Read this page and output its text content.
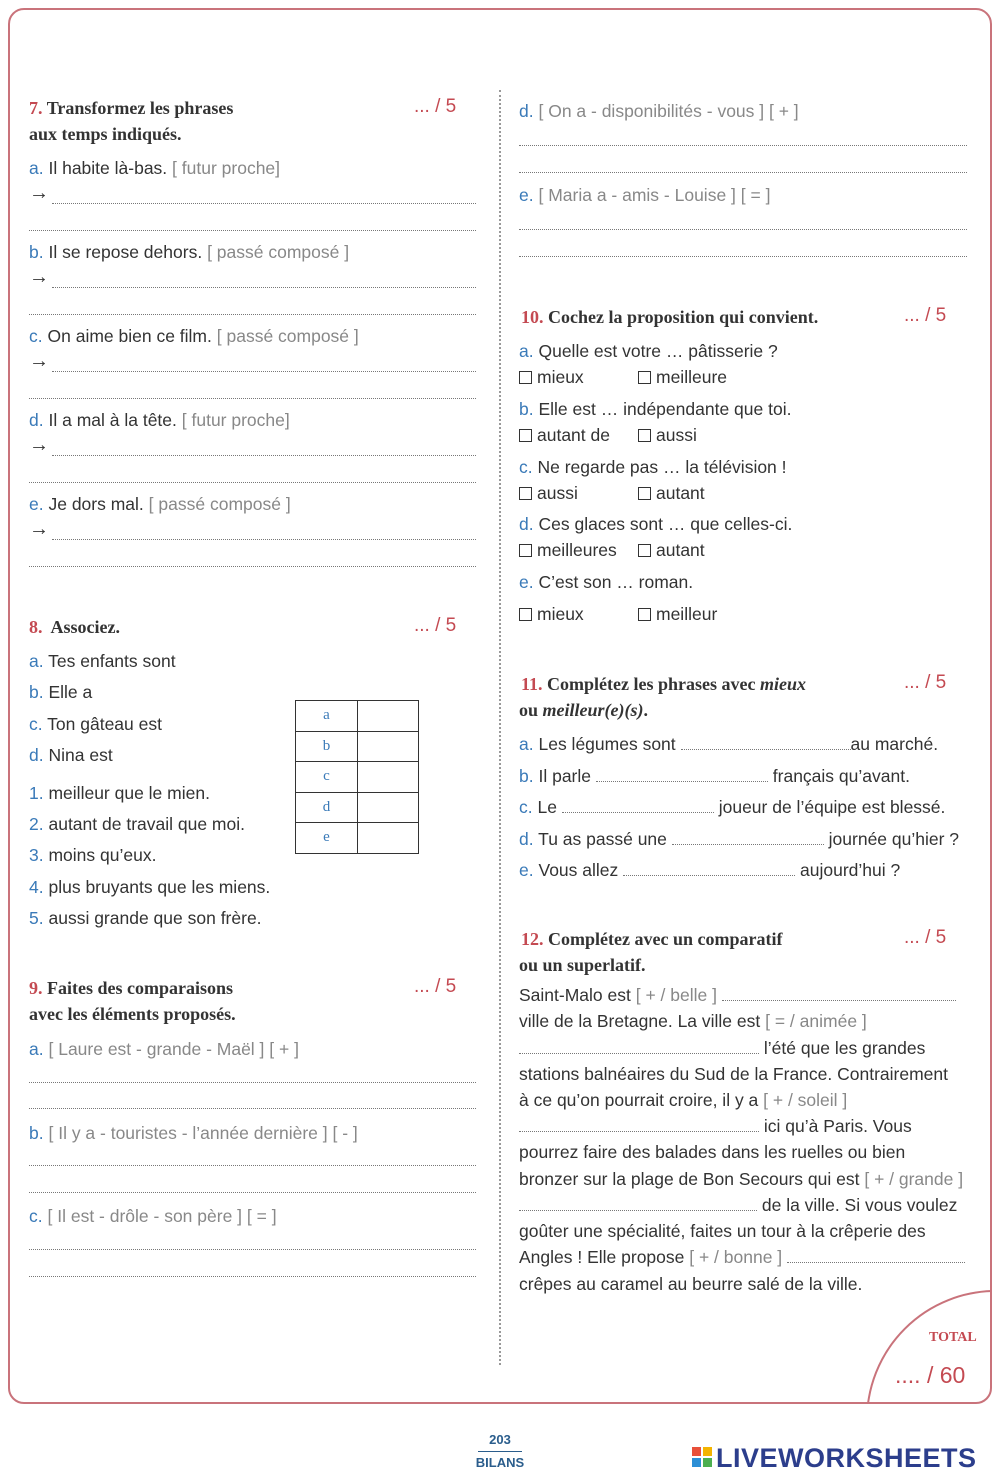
7. Transformez les phrases
aux temps indiqués.
... / 5
a. Il habite là-bas. [ futur proche]
→
b. Il se repose dehors. [ passé composé ]
→
c. On aime bien ce film. [ passé composé ]
→
d. Il a mal à la tête. [ futur proche]
→
e. Je dors mal. [ passé composé ]
→
8. Associez.	... / 5
a. Tes enfants sont
b. Elle a
c. Ton gâteau est
d. Nina est
1. meilleur que le mien.
2. autant de travail que moi.
3. moins qu’eux.
4. plus bruyants que les miens.
5. aussi grande que son frère.
a	
b	
c	
d	
e	
9. Faites des comparaisons
avec les éléments proposés.
... / 5
a. [ Laure est - grande - Maël ] [ + ]
b. [ Il y a - touristes - l’année dernière ] [ - ]
c. [ Il est - drôle - son père ] [ = ]
d. [ On a - disponibilités - vous ] [ + ]
e. [ Maria a - amis - Louise ] [ = ]
10. Cochez la proposition qui convient.	... / 5
a. Quelle est votre … pâtisserie ?
mieux	meilleure
b. Elle est … indépendante que toi.
autant de	aussi
c. Ne regarde pas … la télévision !
aussi	autant
d. Ces glaces sont … que celles-ci.
meilleures	autant
e. C’est son … roman.
mieux	meilleur
11. Complétez les phrases avec mieux
ou meilleur(e)(s).
... / 5
a. Les légumes sont	au marché.
b. Il parle	français qu’avant.
c. Le	joueur de l’équipe est blessé.
d. Tu as passé une	journée qu’hier ?
e. Vous allez	aujourd’hui ?
12. Complétez avec un comparatif
ou un superlatif.
... / 5
Saint-Malo est [ + / belle ]
ville de la Bretagne. La ville est [ = / animée ]
l’été que les grandes
stations balnéaires du Sud de la France. Contrairement
à ce qu’on pourrait croire, il y a [ + / soleil ]
ici qu’à Paris. Vous
pourrez faire des balades dans les ruelles ou bien
bronzer sur la plage de Bon Secours qui est [ + / grande ]
de la ville. Si vous voulez
goûter une spécialité, faites un tour à la crêperie des
Angles ! Elle propose [ + / bonne ]
crêpes au caramel au beurre salé de la ville.
TOTAL
.... / 60
203
BILANS	LIVEWORKSHEETS
